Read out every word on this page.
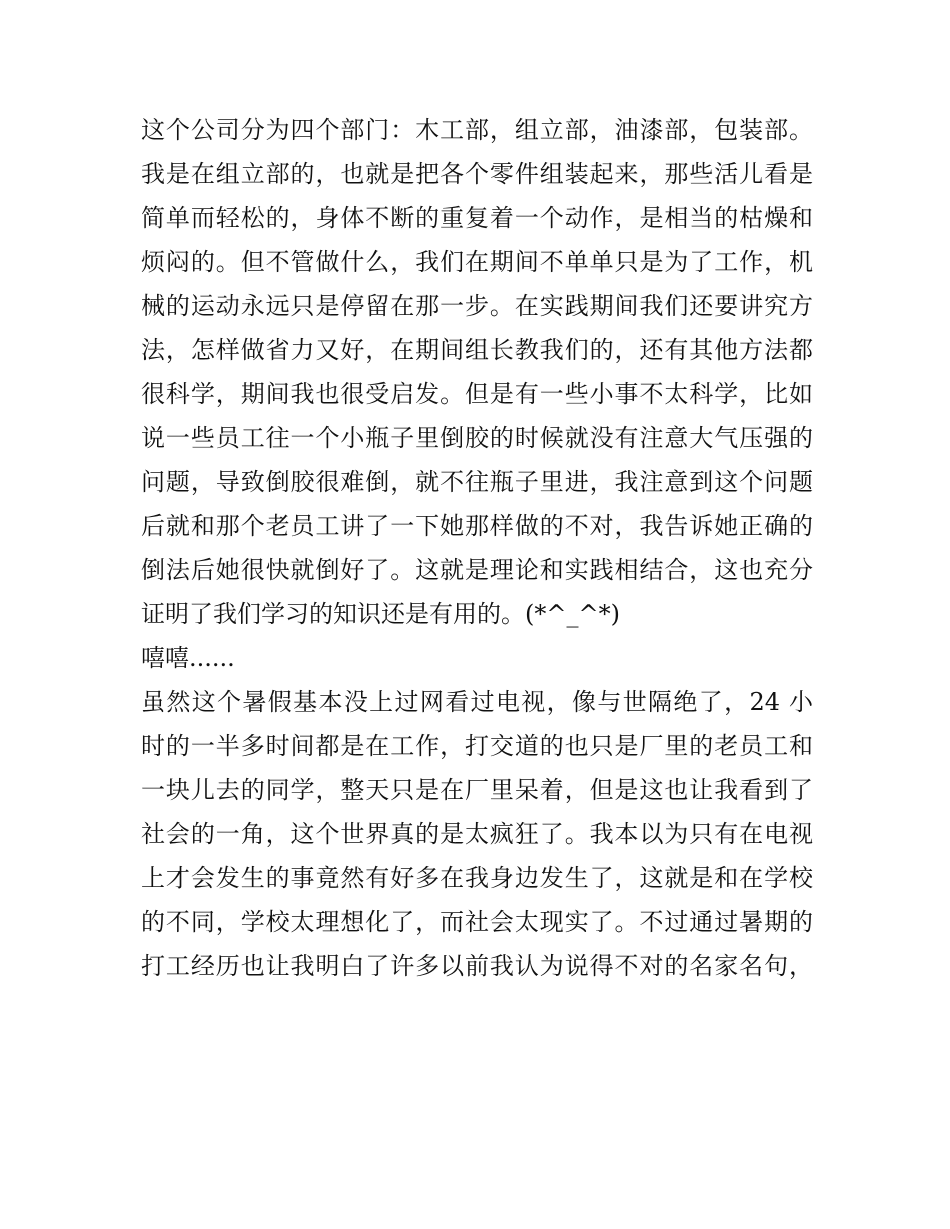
这个公司分为四个部门：木工部，组立部，油漆部，包装部。
我是在组立部的，也就是把各个零件组装起来，那些活儿看是
简单而轻松的，身体不断的重复着一个动作，是相当的枯燥和
烦闷的。但不管做什么，我们在期间不单单只是为了工作，机
械的运动永远只是停留在那一步。在实践期间我们还要讲究方
法，怎样做省力又好，在期间组长教我们的，还有其他方法都
很科学，期间我也很受启发。但是有一些小事不太科学，比如
说一些员工往一个小瓶子里倒胶的时候就没有注意大气压强的
问题，导致倒胶很难倒，就不往瓶子里进，我注意到这个问题
后就和那个老员工讲了一下她那样做的不对，我告诉她正确的
倒法后她很快就倒好了。这就是理论和实践相结合，这也充分
证明了我们学习的知识还是有用的。(*^_^*)
嘻嘻......
虽然这个暑假基本没上过网看过电视，像与世隔绝了，24 小
时的一半多时间都是在工作，打交道的也只是厂里的老员工和
一块儿去的同学，整天只是在厂里呆着，但是这也让我看到了
社会的一角，这个世界真的是太疯狂了。我本以为只有在电视
上才会发生的事竟然有好多在我身边发生了，这就是和在学校
的不同，学校太理想化了，而社会太现实了。不过通过暑期的
打工经历也让我明白了许多以前我认为说得不对的名家名句，
